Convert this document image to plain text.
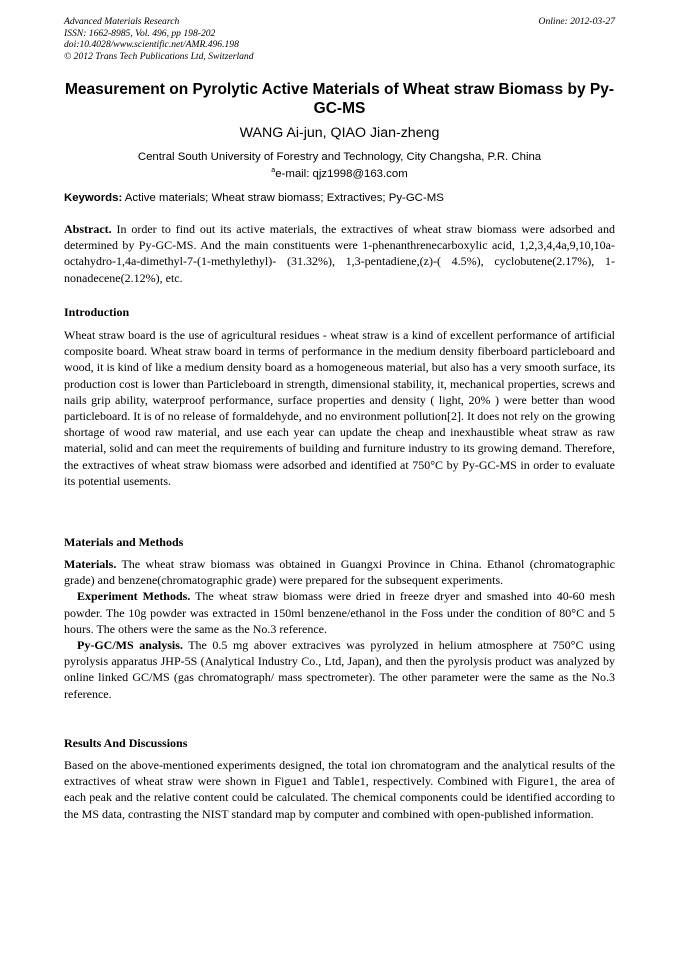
Advanced Materials Research
ISSN: 1662-8985, Vol. 496, pp 198-202
doi:10.4028/www.scientific.net/AMR.496.198
© 2012 Trans Tech Publications Ltd, Switzerland
Online: 2012-03-27
Measurement on Pyrolytic Active Materials of Wheat straw Biomass by Py-GC-MS
WANG Ai-jun, QIAO Jian-zheng
Central South University of Forestry and Technology, City Changsha, P.R. China
$^a$e-mail: qjz1998@163.com
Keywords: Active materials; Wheat straw biomass; Extractives; Py-GC-MS

Abstract. In order to find out its active materials, the extractives of wheat straw biomass were adsorbed and determined by Py-GC-MS. And the main constituents were 1-phenanthrenecarboxylic acid, 1,2,3,4,4a,9,10,10a-octahydro-1,4a-dimethyl-7-(1-methylethyl)- (31.32%), 1,3-pentadiene,(z)-( 4.5%), cyclobutene(2.17%), 1-nonadecene(2.12%), etc.

Introduction

Wheat straw board is the use of agricultural residues - wheat straw is a kind of excellent performance of artificial composite board. Wheat straw board in terms of performance in the medium density fiberboard particleboard and wood, it is kind of like a medium density board as a homogeneous material, but also has a very smooth surface, its production cost is lower than Particleboard in strength, dimensional stability, it, mechanical properties, screws and nails grip ability, waterproof performance, surface properties and density ( light, 20% ) were better than wood particleboard. It is of no release of formaldehyde, and no environment pollution[2]. It does not rely on the growing shortage of wood raw material, and use each year can update the cheap and inexhaustible wheat straw as raw material, solid and can meet the requirements of building and furniture industry to its growing demand. Therefore, the extractives of wheat straw biomass were adsorbed and identified at 750°C by Py-GC-MS in order to evaluate its potential usements.

Materials and Methods

Materials. The wheat straw biomass was obtained in Guangxi Province in China. Ethanol (chromatographic grade) and benzene(chromatographic grade) were prepared for the subsequent experiments.

Experiment Methods. The wheat straw biomass were dried in freeze dryer and smashed into 40-60 mesh powder. The 10g powder was extracted in 150ml benzene/ethanol in the Foss under the condition of 80°C and 5 hours. The others were the same as the No.3 reference.

Py-GC/MS analysis. The 0.5 mg abover extracives was pyrolyzed in helium atmosphere at 750°C using pyrolysis apparatus JHP-5S (Analytical Industry Co., Ltd, Japan), and then the pyrolysis product was analyzed by online linked GC/MS (gas chromatograph/ mass spectrometer). The other parameter were the same as the No.3 reference.

Results And Discussions

Based on the above-mentioned experiments designed, the total ion chromatogram and the analytical results of the extractives of wheat straw were shown in Figue1 and Table1, respectively. Combined with Figure1, the area of each peak and the relative content could be calculated. The chemical components could be identified according to the MS data, contrasting the NIST standard map by computer and combined with open-published information.
